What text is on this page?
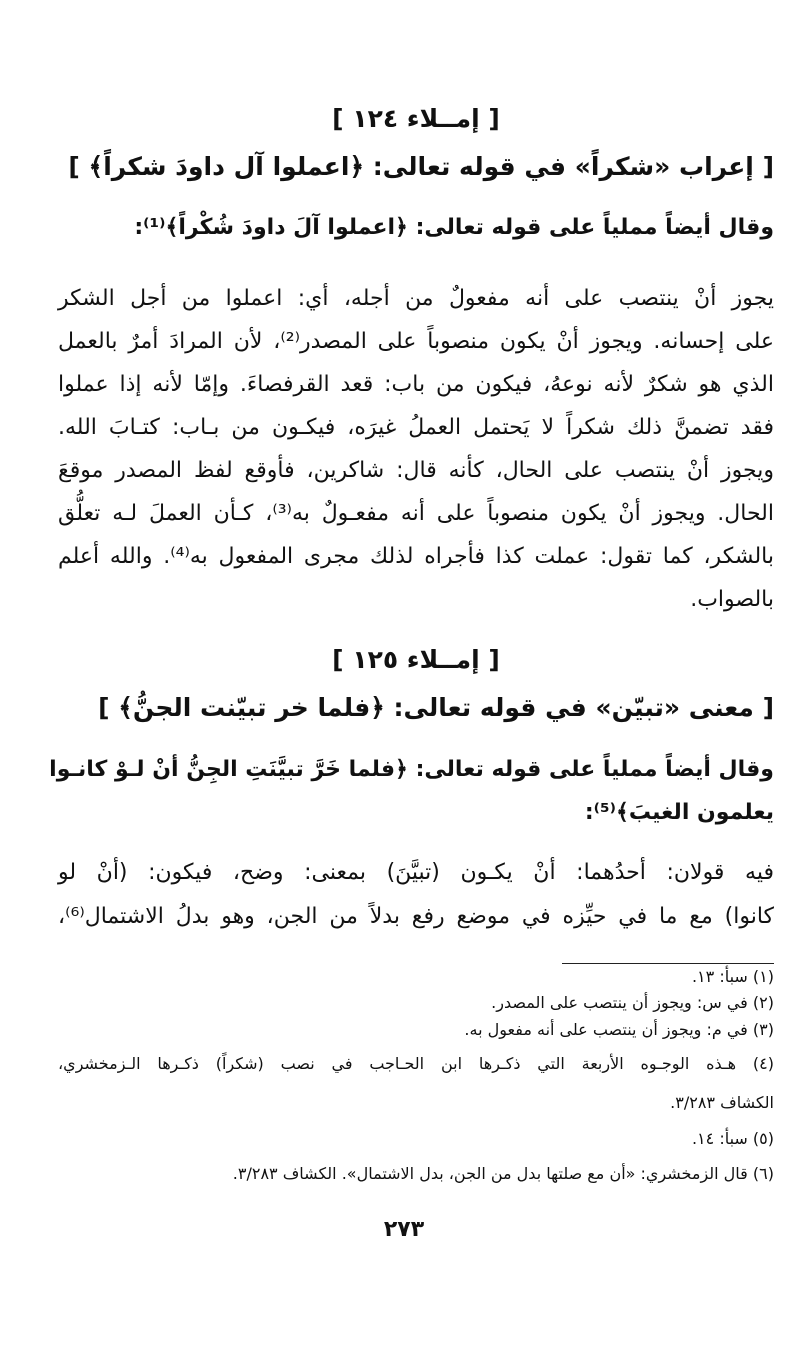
[ إمــلاء ١٢٤ ]
[ إعراب «شكراً» في قوله تعالى: ﴿اعملوا آل داودَ شكراً﴾ ]
وقال أيضاً مملياً على قوله تعالى: ﴿اعملوا آلَ داودَ شُكْراً﴾⁽¹⁾:
يجوز أنْ ينتصب على أنه مفعولٌ من أجله، أي: اعملوا من أجل الشكر
على إحسانه. ويجوز أنْ يكون منصوباً على المصدر⁽²⁾، لأن المرادَ أمرٌ بالعمل
الذي هو شكرٌ لأنه نوعهُ، فيكون من باب: قعد القرفصاءَ. وإمّا لأنه إذا عملوا
فقد تضمنَّ ذلك شكراً لا يَحتمل العملُ غيرَه، فيكـون من بـاب: كتـابَ الله.
ويجوز أنْ ينتصب على الحال، كأنه قال: شاكرين، فأوقع لفظ المصدر موقعَ
الحال. ويجوز أنْ يكون منصوباً على أنه مفعـولٌ به⁽³⁾، كـأن العملَ لـه تعلُّق
بالشكر، كما تقول: عملت كذا فأجراه لذلك مجرى المفعول به⁽⁴⁾. والله أعلم
بالصواب.
[ إمــلاء ١٢٥ ]
[ معنى «تبيّن» في قوله تعالى: ﴿فلما خر تبيّنت الجنُّ﴾ ]
وقال أيضاً مملياً على قوله تعالى: ﴿فلما خَرَّ تبيَّنَتِ الجِنُّ أنْ لـوْ كانـوا
يعلمون الغيبَ﴾⁽⁵⁾:
فيه قولان: أحدُهما: أنْ يكـون (تبيَّنَ) بمعنى: وضح، فيكون: (أنْ لو
كانوا) مع ما في حيِّزه في موضع رفع بدلاً من الجن، وهو بدلُ الاشتمال⁽⁶⁾،
(١) سبأ: ١٣.
(٢) في س: ويجوز أن ينتصب على المصدر.
(٣) في م: ويجوز أن ينتصب على أنه مفعول به.
(٤) هـذه الوجـوه الأربعة التي ذكـرها ابن الحـاجب في نصب (شكراً) ذكـرها الـزمخشري،
الكشاف ٣/٢٨٣.
(٥) سبأ: ١٤.
(٦) قال الزمخشري: «أن مع صلتها بدل من الجن، بدل الاشتمال». الكشاف ٣/٢٨٣.
٢٧٣
